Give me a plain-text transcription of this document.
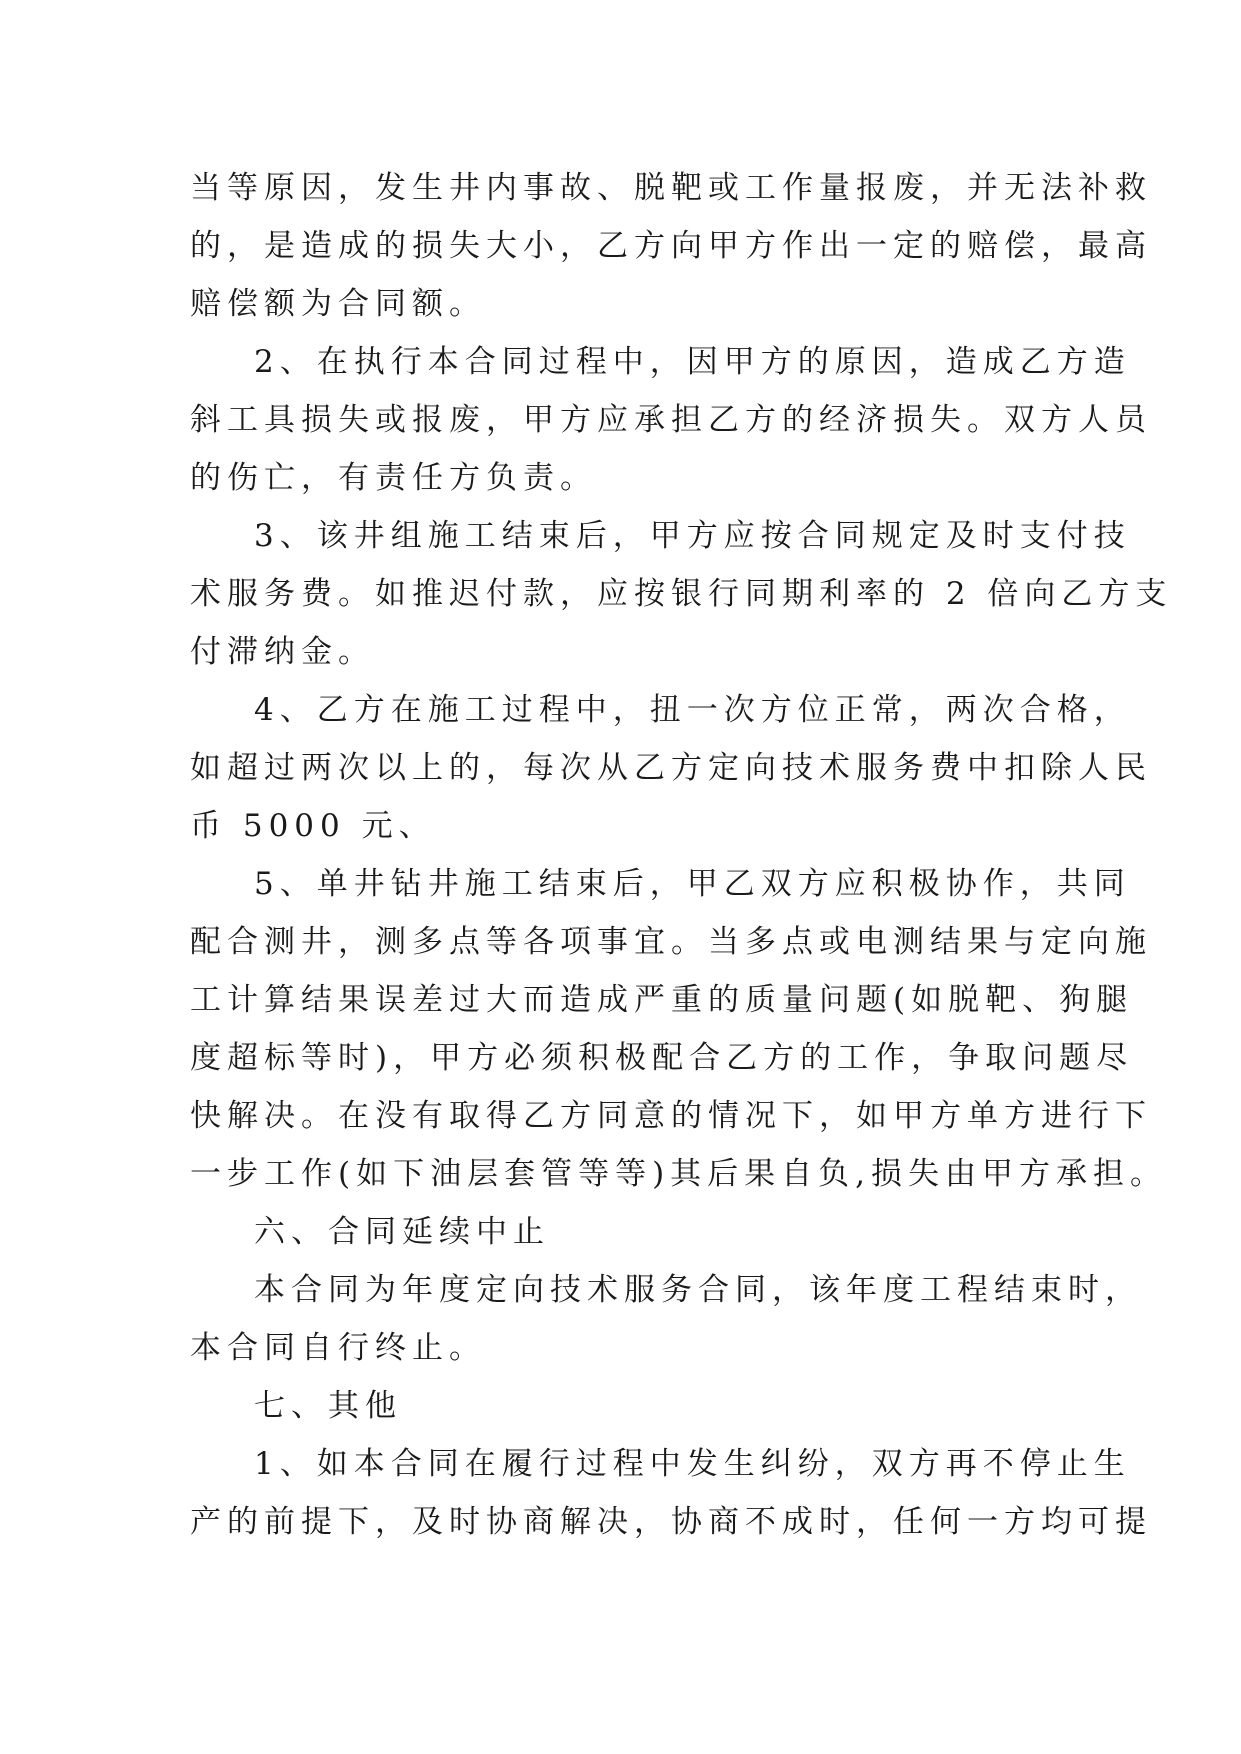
当等原因，发生井内事故、脱靶或工作量报废，并无法补救

的，是造成的损失大小，乙方向甲方作出一定的赔偿，最高

赔偿额为合同额。

2、在执行本合同过程中，因甲方的原因，造成乙方造

斜工具损失或报废，甲方应承担乙方的经济损失。双方人员

的伤亡，有责任方负责。

3、该井组施工结束后，甲方应按合同规定及时支付技

术服务费。如推迟付款，应按银行同期利率的 2 倍向乙方支

付滞纳金。

4、乙方在施工过程中，扭一次方位正常，两次合格，

如超过两次以上的，每次从乙方定向技术服务费中扣除人民

币 5000 元、

5、单井钻井施工结束后，甲乙双方应积极协作，共同

配合测井，测多点等各项事宜。当多点或电测结果与定向施

工计算结果误差过大而造成严重的质量问题(如脱靶、狗腿

度超标等时)，甲方必须积极配合乙方的工作，争取问题尽

快解决。在没有取得乙方同意的情况下，如甲方单方进行下

一步工作(如下油层套管等等)其后果自负,损失由甲方承担。

六、合同延续中止

本合同为年度定向技术服务合同，该年度工程结束时，

本合同自行终止。

七、其他

1、如本合同在履行过程中发生纠纷，双方再不停止生

产的前提下，及时协商解决，协商不成时，任何一方均可提
